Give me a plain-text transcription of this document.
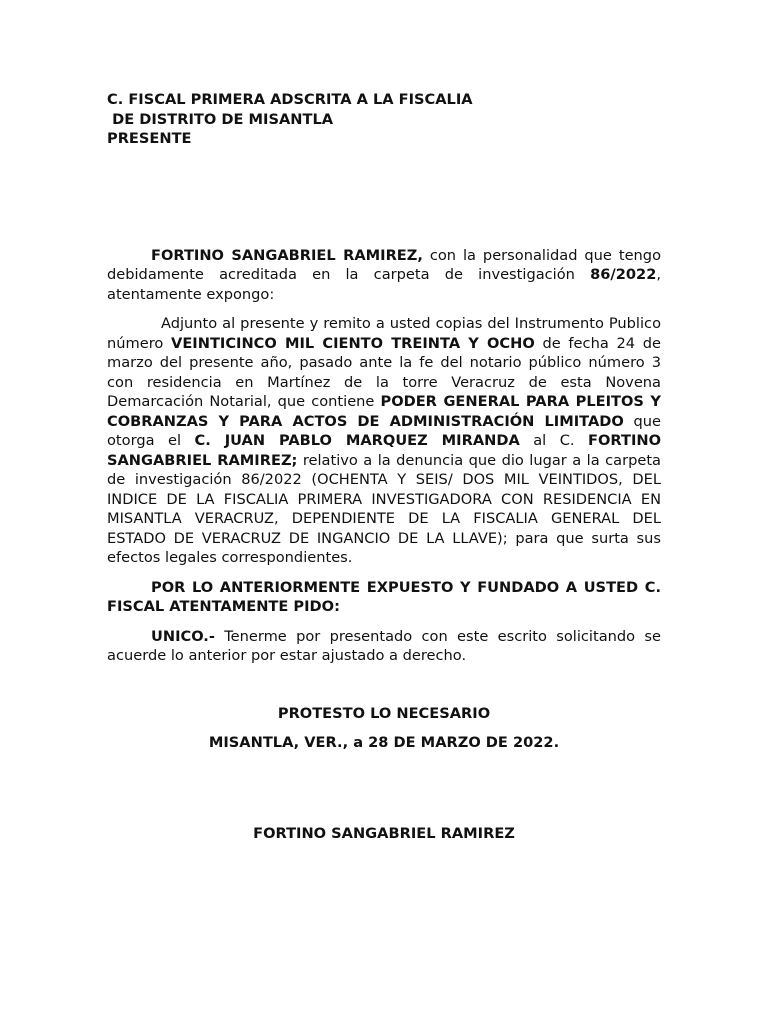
C. FISCAL PRIMERA ADSCRITA A LA FISCALIA

DE DISTRITO DE MISANTLA

PRESENTE

FORTINO SANGABRIEL RAMIREZ, con la personalidad que tengo debidamente acreditada en la carpeta de investigación 86/2022, atentamente expongo:

Adjunto al presente y remito a usted copias del Instrumento Publico número VEINTICINCO MIL CIENTO TREINTA Y OCHO de fecha 24 de marzo del presente año, pasado ante la fe del notario público número 3 con residencia en Martínez de la torre Veracruz de esta Novena Demarcación Notarial, que contiene PODER GENERAL PARA PLEITOS Y COBRANZAS Y PARA ACTOS DE ADMINISTRACIÓN LIMITADO que otorga el C. JUAN PABLO MARQUEZ MIRANDA al C. FORTINO SANGABRIEL RAMIREZ; relativo a la denuncia que dio lugar a la carpeta de investigación 86/2022 (OCHENTA Y SEIS/ DOS MIL VEINTIDOS, DEL INDICE DE LA FISCALIA PRIMERA INVESTIGADORA CON RESIDENCIA EN MISANTLA VERACRUZ, DEPENDIENTE DE LA FISCALIA GENERAL DEL ESTADO DE VERACRUZ DE INGANCIO DE LA LLAVE); para que surta sus efectos legales correspondientes.

POR LO ANTERIORMENTE EXPUESTO Y FUNDADO A USTED C. FISCAL ATENTAMENTE PIDO:

UNICO.- Tenerme por presentado con este escrito solicitando se acuerde lo anterior por estar ajustado a derecho.

PROTESTO LO NECESARIO

MISANTLA, VER., a 28 DE MARZO DE 2022.

FORTINO SANGABRIEL RAMIREZ
